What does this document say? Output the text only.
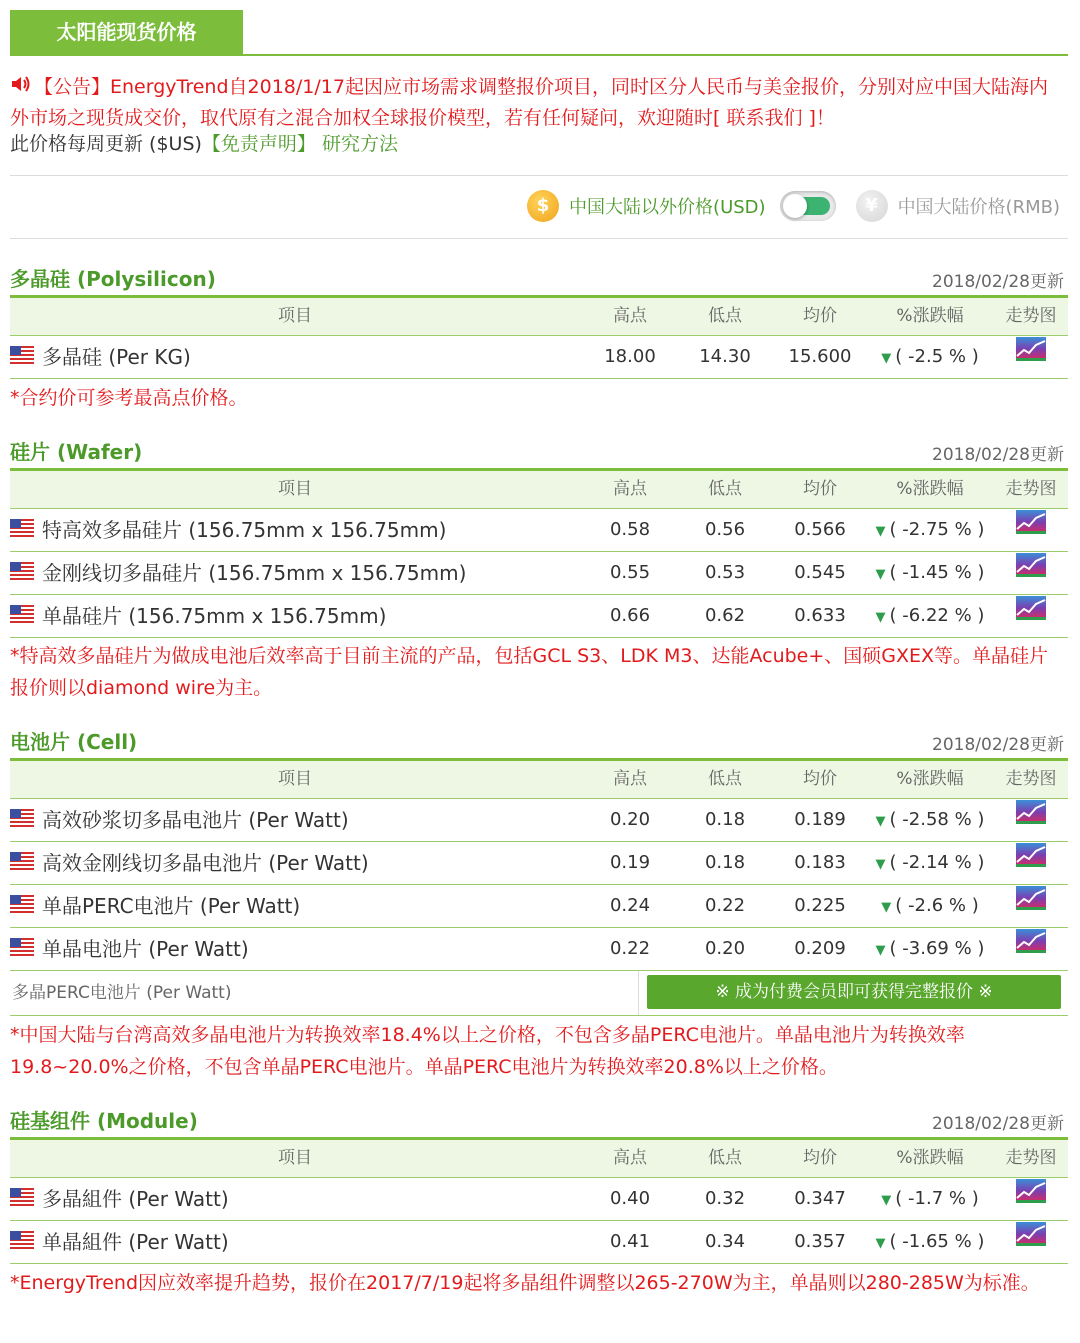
太阳能现货价格
【公告】EnergyTrend自2018/1/17起因应市场需求调整报价项目，同时区分人民币与美金报价，分别对应中国大陆海内外市场之现货成交价，取代原有之混合加权全球报价模型，若有任何疑问，欢迎随时[ 联系我们 ]！
此价格每周更新 ($US)【免责声明】 研究方法
$	中国大陆以外价格(USD)	¥	中国大陆价格(RMB)
多晶硅 (Polysilicon)	2018/02/28更新
项目	高点	低点	均价	%涨跌幅	走势图
多晶硅 (Per KG)	18.00	14.30	15.600	▼ ( -2.5 % )
*合约价可参考最高点价格。
硅片 (Wafer)	2018/02/28更新
项目	高点	低点	均价	%涨跌幅	走势图
特高效多晶硅片 (156.75mm x 156.75mm)	0.58	0.56	0.566	▼ ( -2.75 % )
金刚线切多晶硅片 (156.75mm x 156.75mm)	0.55	0.53	0.545	▼ ( -1.45 % )
单晶硅片 (156.75mm x 156.75mm)	0.66	0.62	0.633	▼ ( -6.22 % )
*特高效多晶硅片为做成电池后效率高于目前主流的产品，包括GCL S3、LDK M3、达能Acube+、国硕GXEX等。单晶硅片报价则以diamond wire为主。
电池片 (Cell)	2018/02/28更新
项目	高点	低点	均价	%涨跌幅	走势图
高效砂浆切多晶电池片 (Per Watt)	0.20	0.18	0.189	▼ ( -2.58 % )
高效金刚线切多晶电池片 (Per Watt)	0.19	0.18	0.183	▼ ( -2.14 % )
单晶PERC电池片 (Per Watt)	0.24	0.22	0.225	▼ ( -2.6 % )
单晶电池片 (Per Watt)	0.22	0.20	0.209	▼ ( -3.69 % )
多晶PERC电池片 (Per Watt)	※ 成为付费会员即可获得完整报价 ※
*中国大陆与台湾高效多晶电池片为转换效率18.4%以上之价格，不包含多晶PERC电池片。单晶电池片为转换效率19.8~20.0%之价格，不包含单晶PERC电池片。单晶PERC电池片为转换效率20.8%以上之价格。
硅基组件 (Module)	2018/02/28更新
项目	高点	低点	均价	%涨跌幅	走势图
多晶組件 (Per Watt)	0.40	0.32	0.347	▼ ( -1.7 % )
单晶組件 (Per Watt)	0.41	0.34	0.357	▼ ( -1.65 % )
*EnergyTrend因应效率提升趋势，报价在2017/7/19起将多晶组件调整以265-270W为主，单晶则以280-285W为标准。
